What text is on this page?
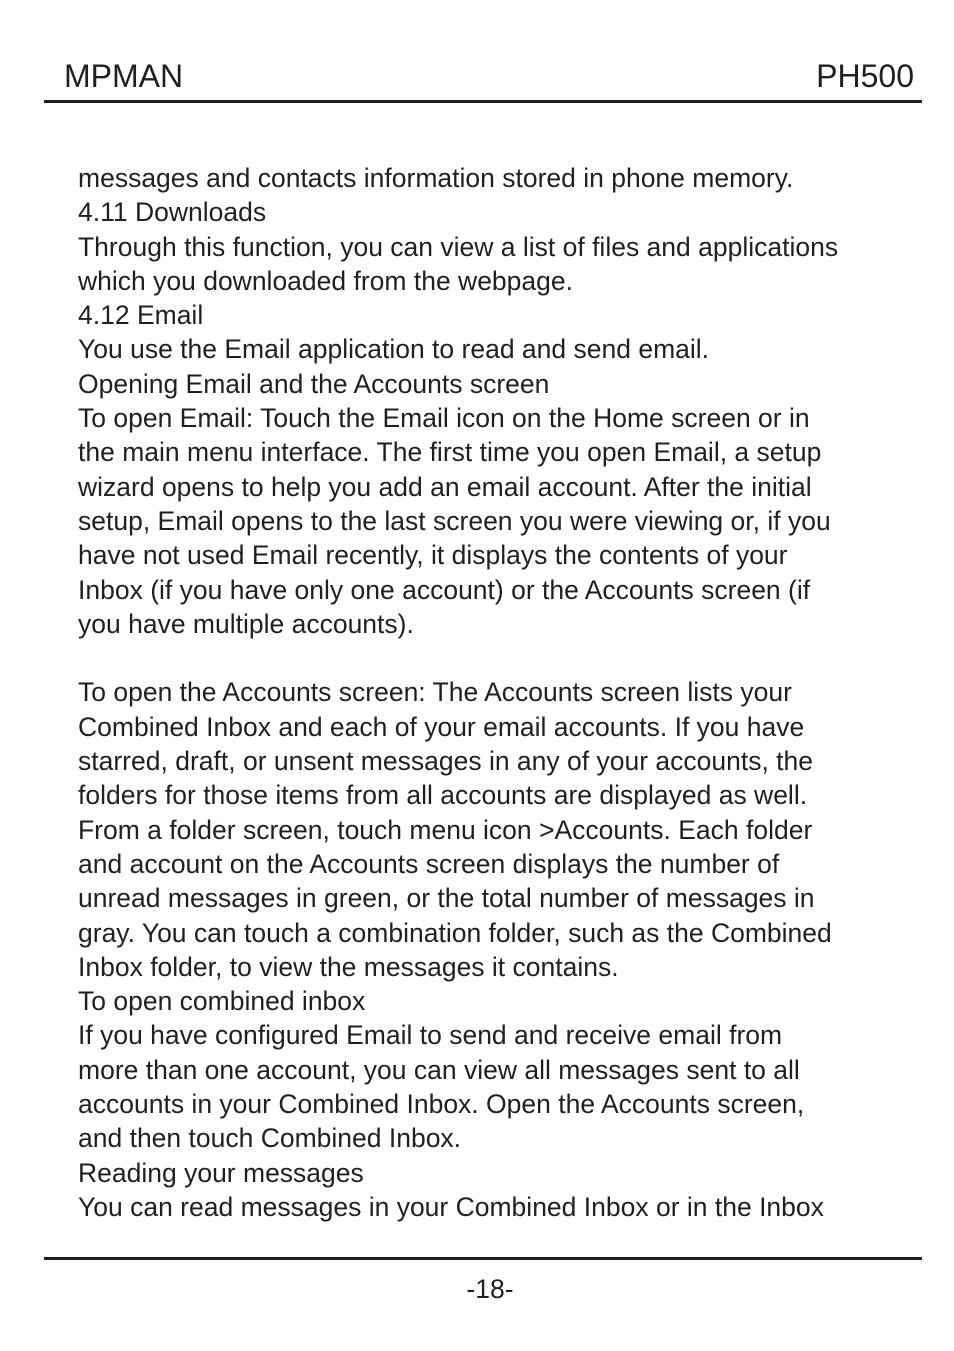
MPMAN	PH500
messages and contacts information stored in phone memory.
4.11 Downloads
Through this function, you can view a list of files and applications
which you downloaded from the webpage.
4.12 Email
You use the Email application to read and send email.
Opening Email and the Accounts screen
To open Email: Touch the Email icon on the Home screen or in
the main menu interface. The first time you open Email, a setup
wizard opens to help you add an email account. After the initial
setup, Email opens to the last screen you were viewing or, if you
have not used Email recently, it displays the contents of your
Inbox (if you have only one account) or the Accounts screen (if
you have multiple accounts).
To open the Accounts screen: The Accounts screen lists your
Combined Inbox and each of your email accounts. If you have
starred, draft, or unsent messages in any of your accounts, the
folders for those items from all accounts are displayed as well.
From a folder screen, touch menu icon >Accounts. Each folder
and account on the Accounts screen displays the number of
unread messages in green, or the total number of messages in
gray. You can touch a combination folder, such as the Combined
Inbox folder, to view the messages it contains.
To open combined inbox
If you have configured Email to send and receive email from
more than one account, you can view all messages sent to all
accounts in your Combined Inbox. Open the Accounts screen,
and then touch Combined Inbox.
Reading your messages
You can read messages in your Combined Inbox or in the Inbox
-18-
